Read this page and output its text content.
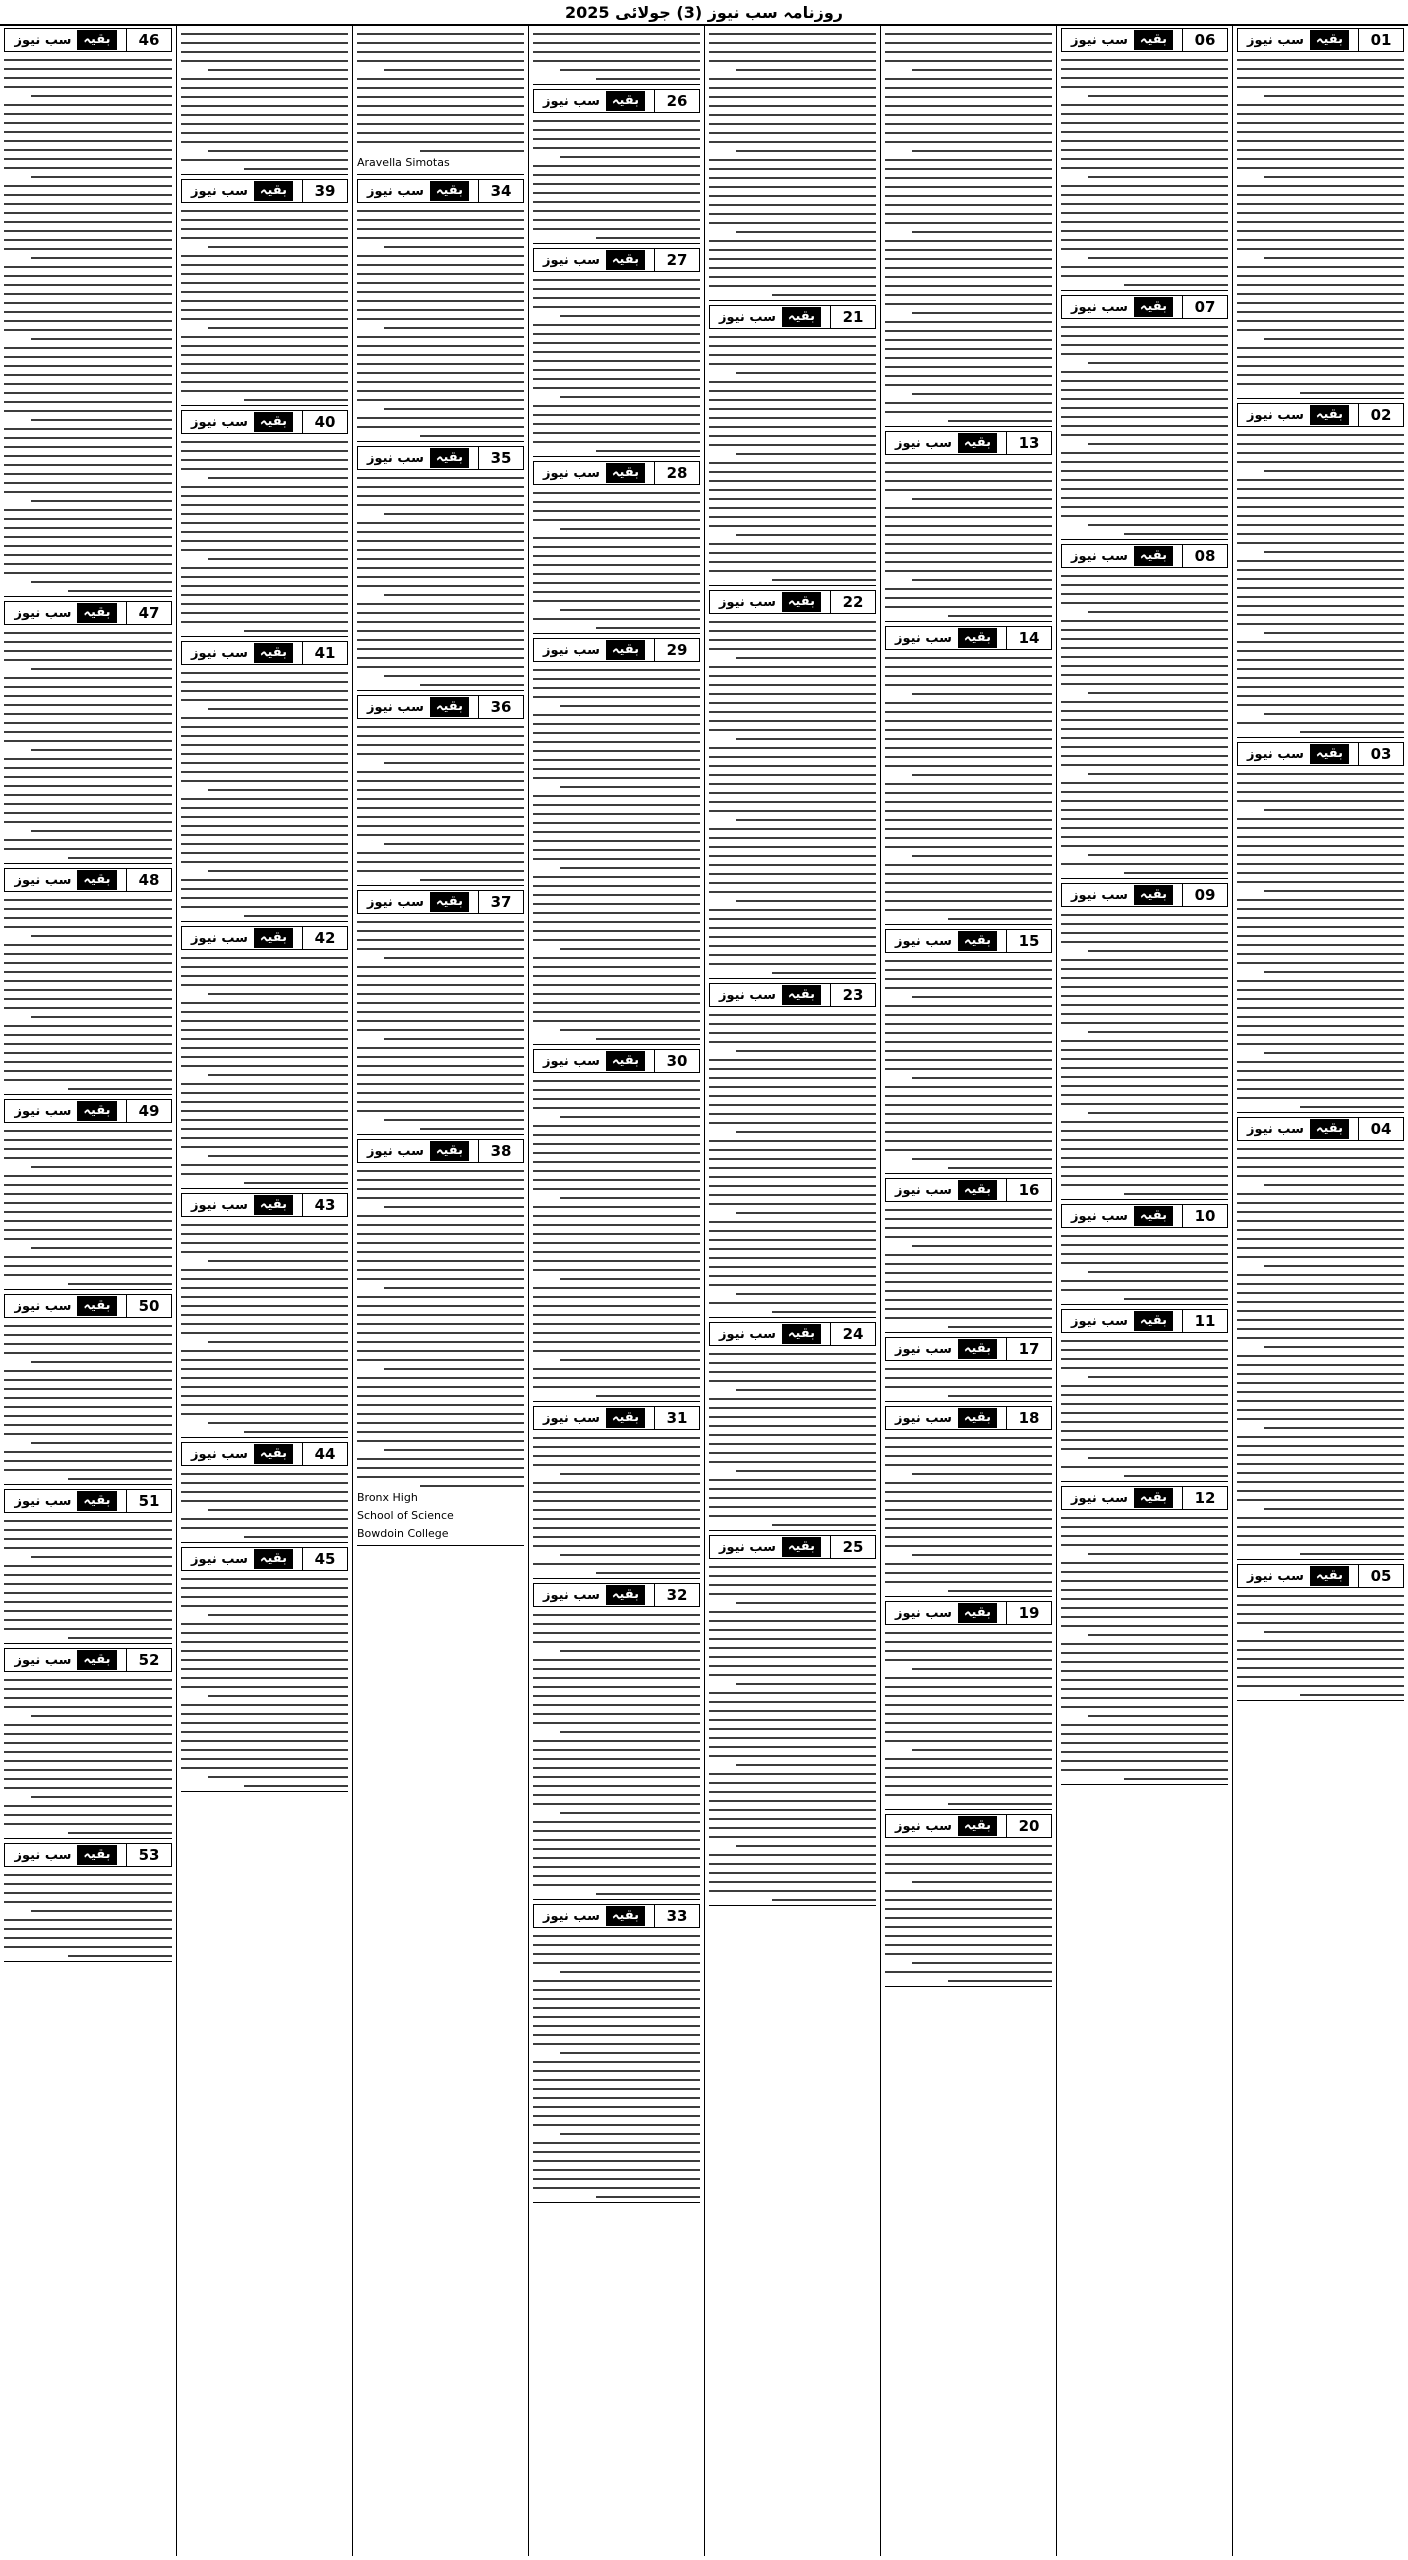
روزنامہ سب نیوز (3) جولائی 2025
01
بقیہ
سب نیوز
02
بقیہ
سب نیوز
03
بقیہ
سب نیوز
04
بقیہ
سب نیوز
05
بقیہ
سب نیوز
06
بقیہ
سب نیوز
07
بقیہ
سب نیوز
08
بقیہ
سب نیوز
09
بقیہ
سب نیوز
10
بقیہ
سب نیوز
11
بقیہ
سب نیوز
12
بقیہ
سب نیوز
13
بقیہ
سب نیوز
14
بقیہ
سب نیوز
15
بقیہ
سب نیوز
16
بقیہ
سب نیوز
17
بقیہ
سب نیوز
18
بقیہ
سب نیوز
19
بقیہ
سب نیوز
20
بقیہ
سب نیوز
21
بقیہ
سب نیوز
22
بقیہ
سب نیوز
23
بقیہ
سب نیوز
24
بقیہ
سب نیوز
25
بقیہ
سب نیوز
26
بقیہ
سب نیوز
27
بقیہ
سب نیوز
28
بقیہ
سب نیوز
29
بقیہ
سب نیوز
30
بقیہ
سب نیوز
31
بقیہ
سب نیوز
32
بقیہ
سب نیوز
33
بقیہ
سب نیوز
Aravella Simotas
34
بقیہ
سب نیوز
35
بقیہ
سب نیوز
36
بقیہ
سب نیوز
37
بقیہ
سب نیوز
38
بقیہ
سب نیوز
Bronx High
School of Science
Bowdoin College
39
بقیہ
سب نیوز
40
بقیہ
سب نیوز
41
بقیہ
سب نیوز
42
بقیہ
سب نیوز
43
بقیہ
سب نیوز
44
بقیہ
سب نیوز
45
بقیہ
سب نیوز
46
بقیہ
سب نیوز
47
بقیہ
سب نیوز
48
بقیہ
سب نیوز
49
بقیہ
سب نیوز
50
بقیہ
سب نیوز
51
بقیہ
سب نیوز
52
بقیہ
سب نیوز
53
بقیہ
سب نیوز
